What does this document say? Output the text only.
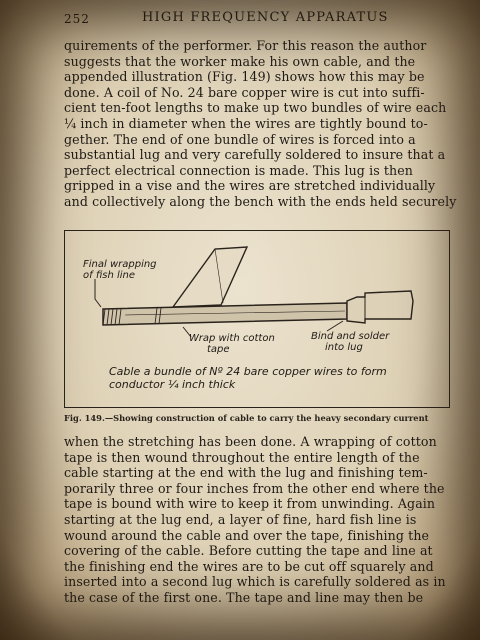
252	HIGH FREQUENCY APPARATUS

quirements of the performer. For this reason the author
suggests that the worker make his own cable, and the
appended illustration (Fig. 149) shows how this may be
done. A coil of No. 24 bare copper wire is cut into suffi-
cient ten-foot lengths to make up two bundles of wire each
¼ inch in diameter when the wires are tightly bound to-
gether. The end of one bundle of wires is forced into a
substantial lug and very carefully soldered to insure that a
perfect electrical connection is made. This lug is then
gripped in a vise and the wires are stretched individually
and collectively along the bench with the ends held securely

Final wrapping
of fish line
Wrap with cotton
tape
Bind and solder
into lug
Cable a bundle of Nº 24 bare copper wires to form
conductor ¼ inch thick
Fig. 149.—Showing construction of cable to carry the heavy secondary current

when the stretching has been done. A wrapping of cotton
tape is then wound throughout the entire length of the
cable starting at the end with the lug and finishing tem-
porarily three or four inches from the other end where the
tape is bound with wire to keep it from unwinding. Again
starting at the lug end, a layer of fine, hard fish line is
wound around the cable and over the tape, finishing the
covering of the cable. Before cutting the tape and line at
the finishing end the wires are to be cut off squarely and
inserted into a second lug which is carefully soldered as in
the case of the first one. The tape and line may then be
